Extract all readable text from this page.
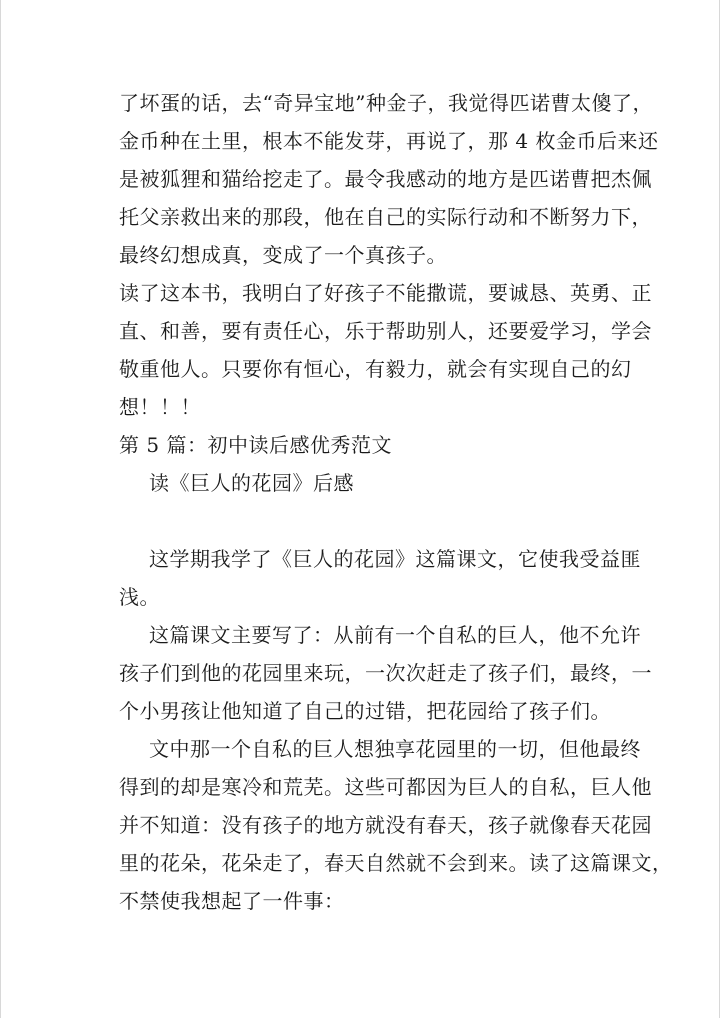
了坏蛋的话，去“奇异宝地”种金子，我觉得匹诺曹太傻了，
金币种在土里，根本不能发芽，再说了，那 4 枚金币后来还
是被狐狸和猫给挖走了。最令我感动的地方是匹诺曹把杰佩
托父亲救出来的那段，他在自己的实际行动和不断努力下，
最终幻想成真，变成了一个真孩子。
读了这本书，我明白了好孩子不能撒谎，要诚恳、英勇、正
直、和善，要有责任心，乐于帮助别人，还要爱学习，学会
敬重他人。只要你有恒心，有毅力，就会有实现自己的幻
想！！！
第 5 篇：初中读后感优秀范文
读《巨人的花园》后感
这学期我学了《巨人的花园》这篇课文，它使我受益匪
浅。
这篇课文主要写了：从前有一个自私的巨人，他不允许
孩子们到他的花园里来玩，一次次赶走了孩子们，最终，一
个小男孩让他知道了自己的过错，把花园给了孩子们。
文中那一个自私的巨人想独享花园里的一切，但他最终
得到的却是寒冷和荒芜。这些可都因为巨人的自私，巨人他
并不知道：没有孩子的地方就没有春天，孩子就像春天花园
里的花朵，花朵走了，春天自然就不会到来。读了这篇课文，
不禁使我想起了一件事：
